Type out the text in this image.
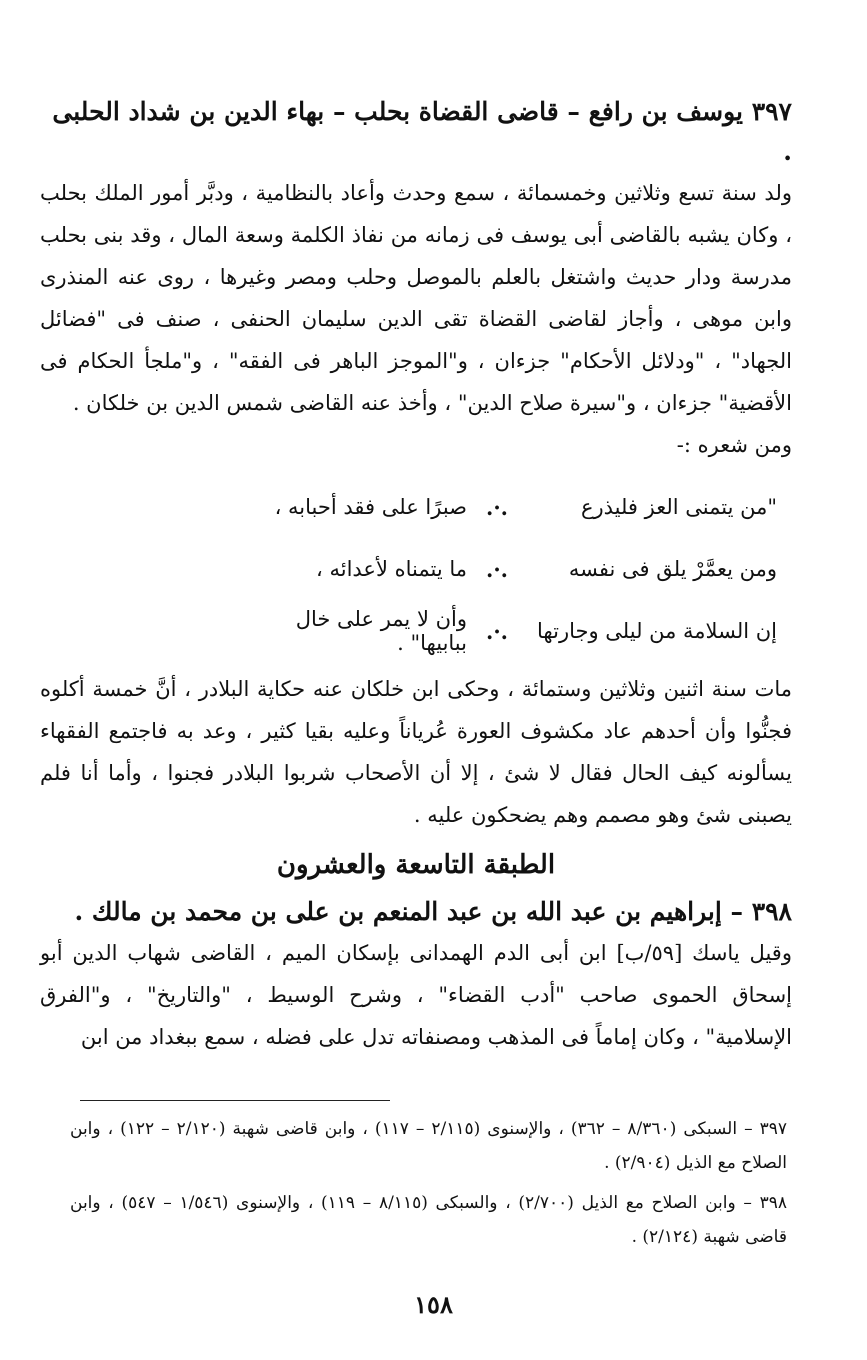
٣٩٧ يوسف بن رافع – قاضى القضاة بحلب – بهاء الدين بن شداد الحلبى .

ولد سنة تسع وثلاثين وخمسمائة ، سمع وحدث وأعاد بالنظامية ، ودبَّر أمور الملك بحلب ، وكان يشبه بالقاضى أبى يوسف فى زمانه من نفاذ الكلمة وسعة المال ، وقد بنى بحلب مدرسة ودار حديث واشتغل بالعلم بالموصل وحلب ومصر وغيرها ، روى عنه المنذرى وابن موهى ، وأجاز لقاضى القضاة تقى الدين سليمان الحنفى ، صنف فى "فضائل الجهاد" ، "ودلائل الأحكام" جزءان ، و"الموجز الباهر فى الفقه" ، و"ملجأ الحكام فى الأقضية" جزءان ، و"سيرة صلاح الدين" ، وأخذ عنه القاضى شمس الدين بن خلكان .

ومن شعره :-

"من يتمنى العز فليذرع
.·.
صبرًا على فقد أحبابه ،
ومن يعمَّرْ يلق فى نفسه
.·.
ما يتمناه لأعدائه ،
إن السلامة من ليلى وجارتها
.·.
وأن لا يمر على خال ببابيها" .

مات سنة اثنين وثلاثين وستمائة ، وحكى ابن خلكان عنه حكاية البلادر ، أنَّ خمسة أكلوه فجنُّوا وأن أحدهم عاد مكشوف العورة عُرياناً وعليه بقيا كثير ، وعد به فاجتمع الفقهاء يسألونه كيف الحال فقال لا شئ ، إلا أن الأصحاب شربوا البلادر فجنوا ، وأما أنا فلم يصبنى شئ وهو مصمم وهم يضحكون عليه .

الطبقة التاسعة والعشرون
٣٩٨ – إبراهيم بن عبد الله بن عبد المنعم بن على بن محمد بن مالك .

وقيل ياسك [٥٩/ب] ابن أبى الدم الهمدانى بإسكان الميم ، القاضى شهاب الدين أبو إسحاق الحموى صاحب "أدب القضاء" ، وشرح الوسيط ، "والتاريخ" ، و"الفرق الإسلامية" ، وكان إماماً فى المذهب ومصنفاته تدل على فضله ، سمع ببغداد من ابن

٣٩٧ – السبكى (٨/٣٦٠ – ٣٦٢) ، والإسنوى (٢/١١٥ – ١١٧) ، وابن قاضى شهبة (٢/١٢٠ – ١٢٢) ، وابن الصلاح مع الذيل (٢/٩٠٤) .

٣٩٨ – وابن الصلاح مع الذيل (٢/٧٠٠) ، والسبكى (٨/١١٥ – ١١٩) ، والإسنوى (١/٥٤٦ – ٥٤٧) ، وابن قاضى شهبة (٢/١٢٤) .

١٥٨
